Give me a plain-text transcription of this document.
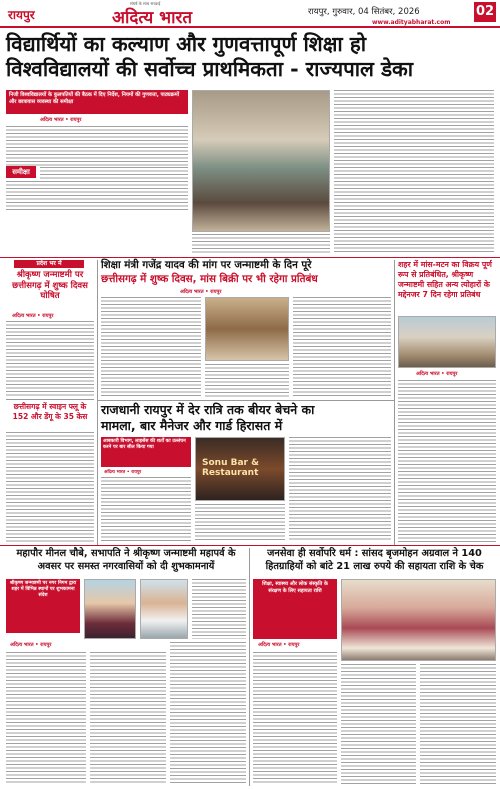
रायपुर
संघर्ष के साथ सच्चाई
अदित्य भारत	रायपुर, गुरुवार, 04 सितंबर, 2026	02
www.adityabharat.com
विद्यार्थियों का कल्याण और गुणवत्तापूर्ण शिक्षा हो
विश्वविद्यालयों की सर्वोच्च प्राथमिकता - राज्यपाल डेका
निजी विश्वविद्यालयों के कुलपतियों की बैठक में दिए निर्देश, नियमों की गुणवत्ता, पाठ्यक्रमों और छात्रावास व्यवस्था की समीक्षा
अदित्य भारत • रायपुर
समीक्षा
प्रदेश भर में
श्रीकृष्ण जन्माष्टमी पर छत्तीसगढ़ में शुष्क दिवस घोषित
अदित्य भारत • रायपुर
छत्तीसगढ़ में स्वाइन फ्लू के 152 और डेंगू के 35 केस
शिक्षा मंत्री गजेंद्र यादव की मांग पर जन्माष्टमी के दिन पूरे
छत्तीसगढ़ में शुष्क दिवस, मांस बिक्री पर भी रहेगा प्रतिबंध
अदित्य भारत • रायपुर
शहर में मांस-मटन का विक्रय पूर्ण रूप से प्रतिबंधित, श्रीकृष्ण जन्माष्टमी सहित अन्य त्योहारों के मद्देनजर 7 दिन रहेगा प्रतिबंध
अदित्य भारत • रायपुर
राजधानी रायपुर में देर रात्रि तक बीयर बेचने का
मामला, बार मैनेजर और गार्ड हिरासत में
आबकारी विभाग, लाइसेंस की शर्तों का उल्लंघन करने पर बार सील किया गया
अदित्य भारत • रायपुर
Sonu Bar & Restaurant
महापौर मीनल चौबे, सभापति ने श्रीकृष्ण जन्माष्टमी महापर्व के अवसर पर समस्त नगरवासियों को दी शुभकामनायें
श्रीकृष्ण जन्माष्टमी पर नगर निगम द्वारा शहर में विभिन्न स्थानों पर शुभकामना संदेश
अदित्य भारत • रायपुर
जनसेवा ही सर्वोपरि धर्म : सांसद बृजमोहन अग्रवाल ने 140 हितग्राहियों को बांटे 21 लाख रुपये की सहायता राशि के चेक
शिक्षा, स्वास्थ्य और लोक संस्कृति के संरक्षण के लिए सहायता राशि
अदित्य भारत • रायपुर
